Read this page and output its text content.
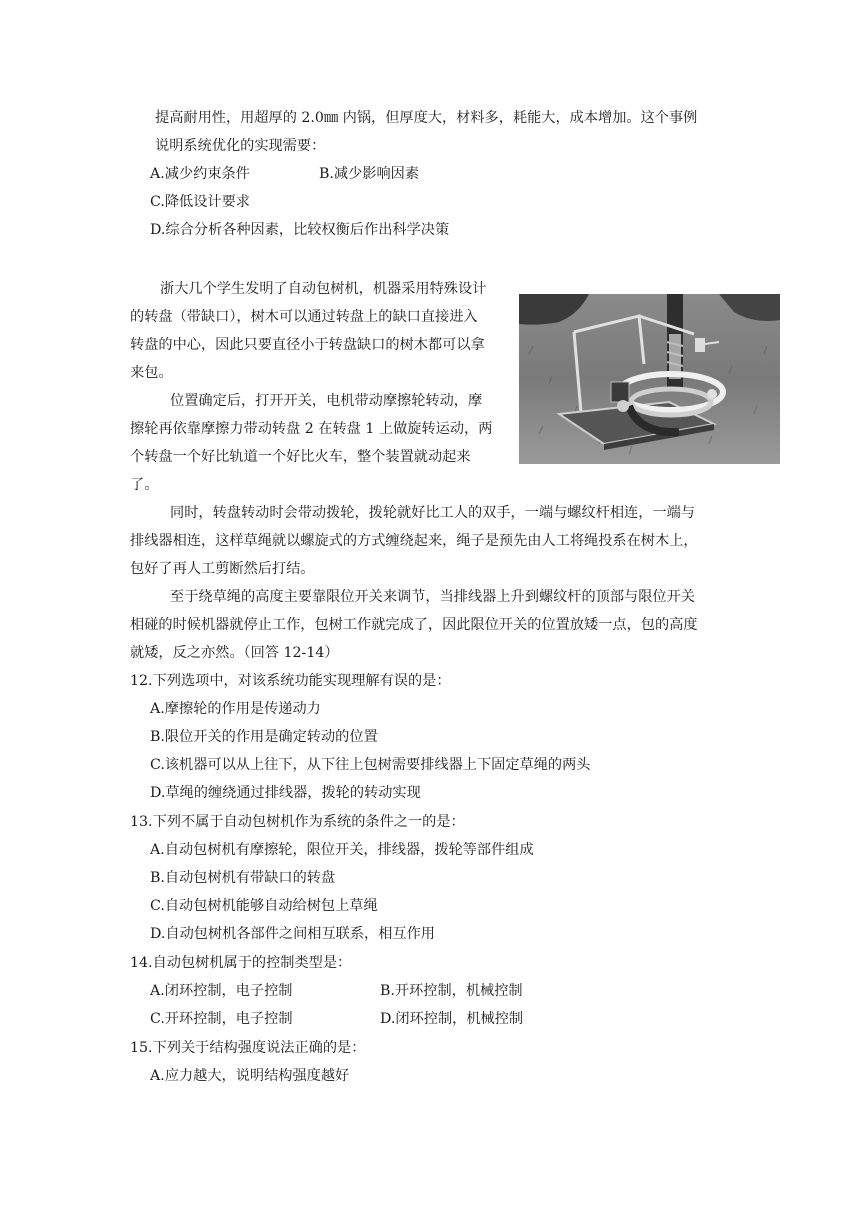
提高耐用性，用超厚的 2.0㎜ 内锅，但厚度大，材料多，耗能大，成本增加。这个事例
说明系统优化的实现需要：
A.减少约束条件	B.减少影响因素
C.降低设计要求
D.综合分析各种因素，比较权衡后作出科学决策
浙大几个学生发明了自动包树机，机器采用特殊设计
的转盘（带缺口），树木可以通过转盘上的缺口直接进入
转盘的中心，因此只要直径小于转盘缺口的树木都可以拿
来包。
位置确定后，打开开关，电机带动摩擦轮转动，摩
擦轮再依靠摩擦力带动转盘 2 在转盘 1 上做旋转运动，两
个转盘一个好比轨道一个好比火车，整个装置就动起来
了。
同时，转盘转动时会带动拨轮，拨轮就好比工人的双手，一端与螺纹杆相连，一端与
排线器相连，这样草绳就以螺旋式的方式缠绕起来，绳子是预先由人工将绳投系在树木上，
包好了再人工剪断然后打结。
至于绕草绳的高度主要靠限位开关来调节，当排线器上升到螺纹杆的顶部与限位开关
相碰的时候机器就停止工作，包树工作就完成了，因此限位开关的位置放矮一点，包的高度
就矮，反之亦然。（回答 12-14）
12.下列选项中，对该系统功能实现理解有误的是：
A.摩擦轮的作用是传递动力
B.限位开关的作用是确定转动的位置
C.该机器可以从上往下，从下往上包树需要排线器上下固定草绳的两头
D.草绳的缠绕通过排线器，拨轮的转动实现
13.下列不属于自动包树机作为系统的条件之一的是：
A.自动包树机有摩擦轮，限位开关，排线器，拨轮等部件组成
B.自动包树机有带缺口的转盘
C.自动包树机能够自动给树包上草绳
D.自动包树机各部件之间相互联系，相互作用
14.自动包树机属于的控制类型是：
A.闭环控制，电子控制	B.开环控制，机械控制
C.开环控制，电子控制	D.闭环控制，机械控制
15.下列关于结构强度说法正确的是：
A.应力越大，说明结构强度越好
